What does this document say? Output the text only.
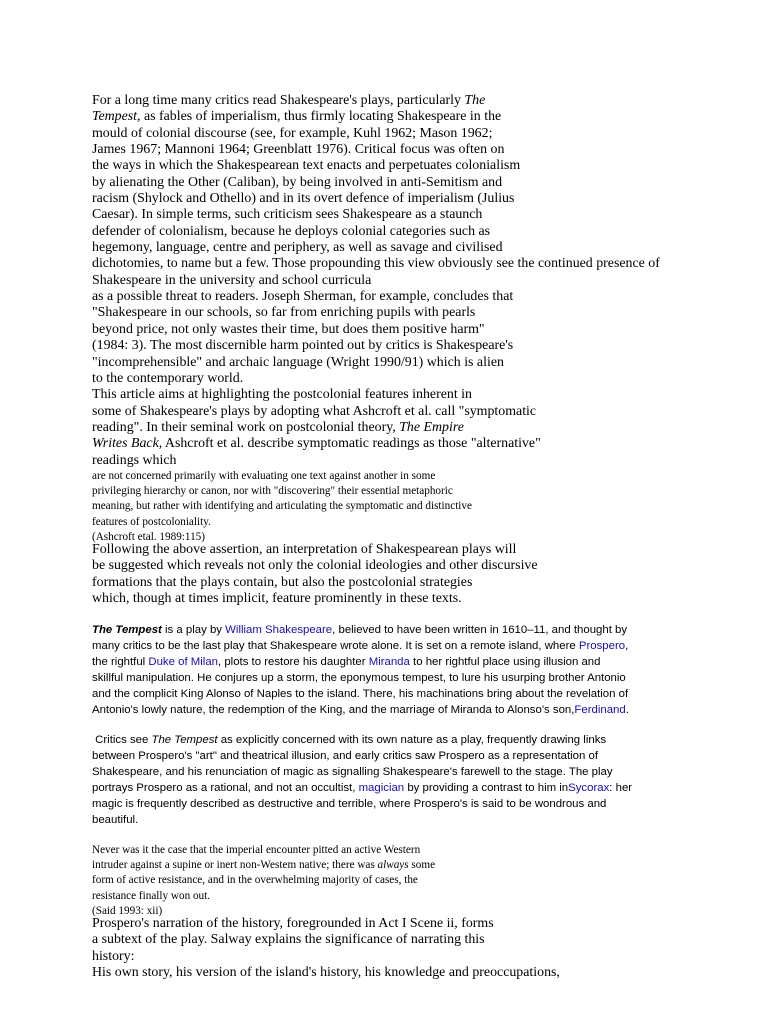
For a long time many critics read Shakespeare's plays, particularly The
Tempest, as fables of imperialism, thus firmly locating Shakespeare in the
mould of colonial discourse (see, for example, Kuhl 1962; Mason 1962;
James 1967; Mannoni 1964; Greenblatt 1976). Critical focus was often on
the ways in which the Shakespearean text enacts and perpetuates colonialism
by alienating the Other (Caliban), by being involved in anti-Semitism and
racism (Shylock and Othello) and in its overt defence of imperialism (Julius
Caesar). In simple terms, such criticism sees Shakespeare as a staunch
defender of colonialism, because he deploys colonial categories such as
hegemony, language, centre and periphery, as well as savage and civilised
dichotomies, to name but a few. Those propounding this view obviously see the continued presence of
Shakespeare in the university and school curricula
as a possible threat to readers. Joseph Sherman, for example, concludes that
"Shakespeare in our schools, so far from enriching pupils with pearls
beyond price, not only wastes their time, but does them positive harm"
(1984: 3). The most discernible harm pointed out by critics is Shakespeare's
"incomprehensible" and archaic language (Wright 1990/91) which is alien
to the contemporary world.
This article aims at highlighting the postcolonial features inherent in
some of Shakespeare's plays by adopting what Ashcroft et al. call "symptomatic
reading". In their seminal work on postcolonial theory, The Empire
Writes Back, Ashcroft et al. describe symptomatic readings as those "alternative"
readings which
are not concerned primarily with evaluating one text against another in some
privileging hierarchy or canon, nor with "discovering" their essential metaphoric
meaning, but rather with identifying and articulating the symptomatic and distinctive
features of postcoloniality.
(Ashcroft etal. 1989:115)
Following the above assertion, an interpretation of Shakespearean plays will
be suggested which reveals not only the colonial ideologies and other discursive
formations that the plays contain, but also the postcolonial strategies
which, though at times implicit, feature prominently in these texts.
The Tempest is a play by William Shakespeare, believed to have been written in 1610–11, and thought by
many critics to be the last play that Shakespeare wrote alone. It is set on a remote island, where Prospero,
the rightful Duke of Milan, plots to restore his daughter Miranda to her rightful place using illusion and
skillful manipulation. He conjures up a storm, the eponymous tempest, to lure his usurping brother Antonio
and the complicit King Alonso of Naples to the island. There, his machinations bring about the revelation of
Antonio's lowly nature, the redemption of the King, and the marriage of Miranda to Alonso's son,Ferdinand.
Critics see The Tempest as explicitly concerned with its own nature as a play, frequently drawing links
between Prospero's "art" and theatrical illusion, and early critics saw Prospero as a representation of
Shakespeare, and his renunciation of magic as signalling Shakespeare's farewell to the stage. The play
portrays Prospero as a rational, and not an occultist, magician by providing a contrast to him inSycorax: her
magic is frequently described as destructive and terrible, where Prospero's is said to be wondrous and
beautiful.
Never was it the case that the imperial encounter pitted an active Western
intruder against a supine or inert non-Westem native; there was always some
form of active resistance, and in the overwhelming majority of cases, the
resistance finally won out.
(Said 1993: xii)
Prospero's narration of the history, foregrounded in Act I Scene ii, forms
a subtext of the play. Salway explains the significance of narrating this
history:
His own story, his version of the island's history, his knowledge and preoccupations,
